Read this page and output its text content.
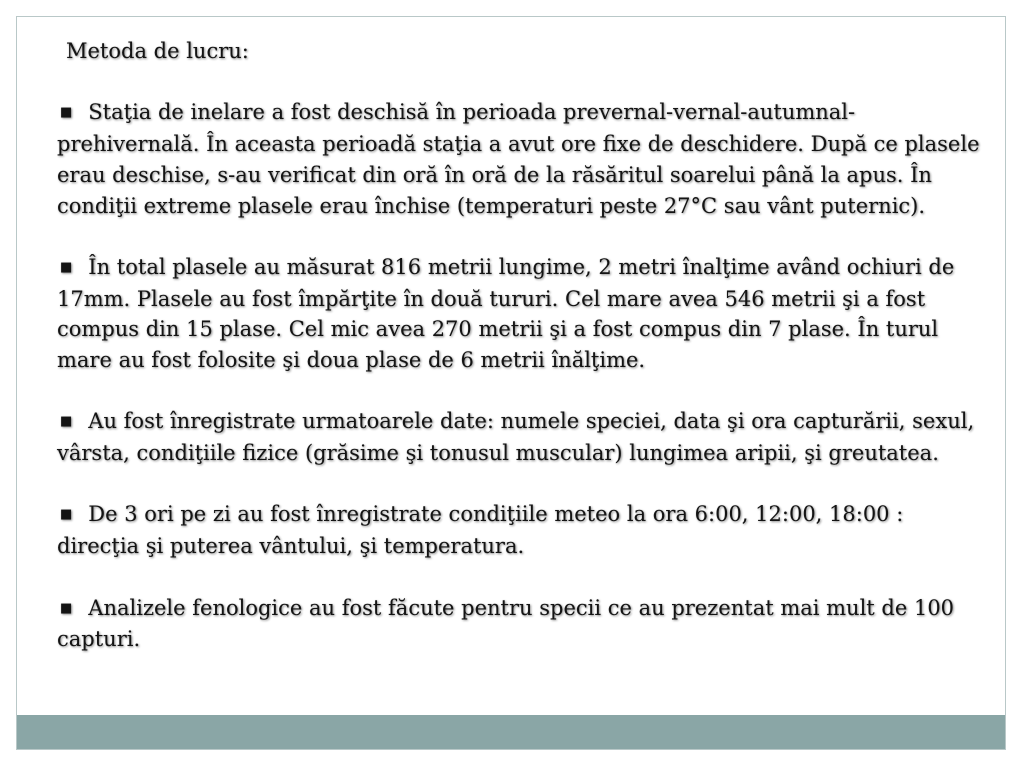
Metoda de lucru:
■ Staţia de inelare a fost deschisă în perioada prevernal-vernal-autumnal-prehivernală. În aceasta perioadă staţia a avut ore fixe de deschidere. După ce plasele erau deschise, s-au verificat din oră în oră de la răsăritul soarelui până la apus. În condiţii extreme plasele erau închise (temperaturi peste 27°C sau vânt puternic).
■ În total plasele au măsurat 816 metrii lungime, 2 metri înalţime având ochiuri de 17mm. Plasele au fost împărţite în două tururi. Cel mare avea 546 metrii şi a fost compus din 15 plase. Cel mic avea 270 metrii şi a fost compus din 7 plase. În turul mare au fost folosite şi doua plase de 6 metrii înălţime.
■ Au fost înregistrate urmatoarele date: numele speciei, data şi ora capturării, sexul, vârsta, condiţiile fizice (grăsime şi tonusul muscular) lungimea aripii, şi greutatea.
■ De 3 ori pe zi au fost înregistrate condiţiile meteo la ora 6:00, 12:00, 18:00 : direcţia şi puterea vântului, şi temperatura.
■ Analizele fenologice au fost făcute pentru specii ce au prezentat mai mult de 100 capturi.
